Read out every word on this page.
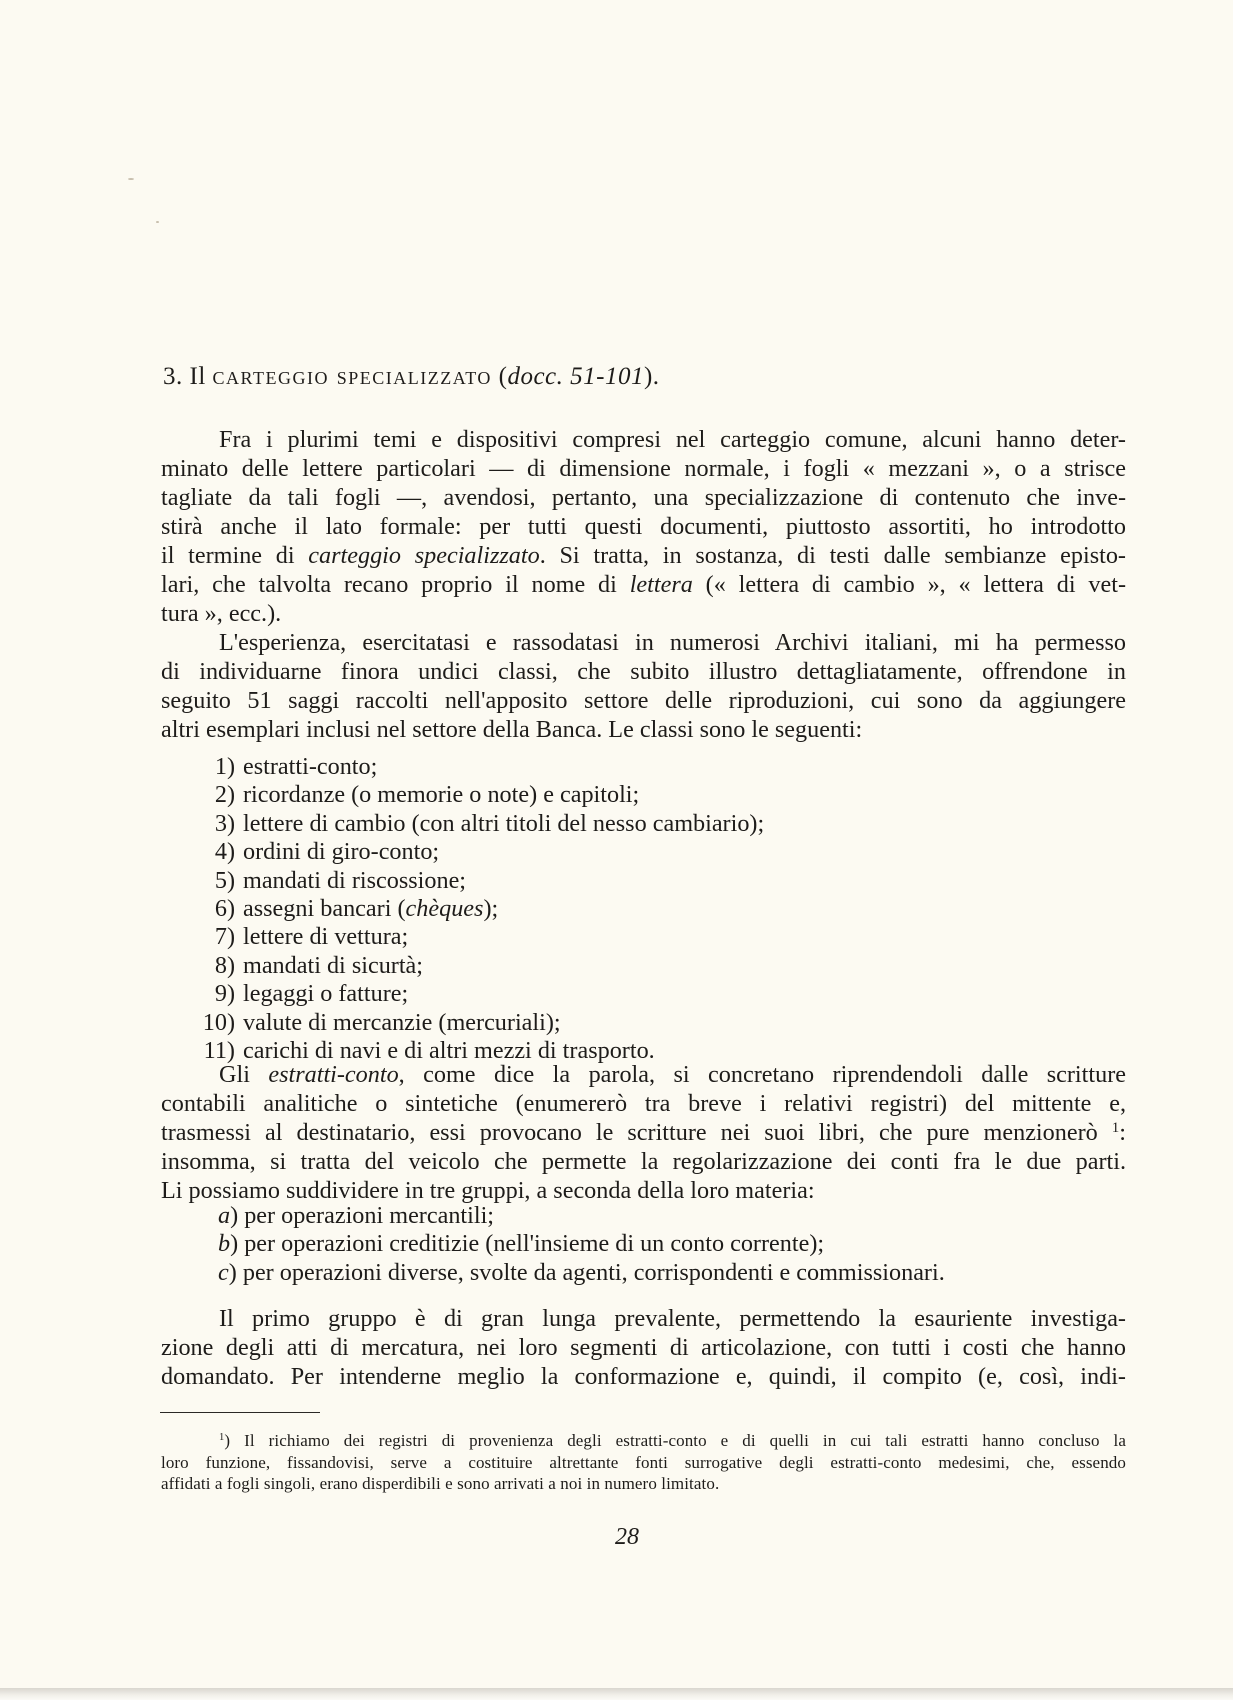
3. Il carteggio specializzato (docc. 51-101).
Fra i plurimi temi e dispositivi compresi nel carteggio comune, alcuni hanno deter-
minato delle lettere particolari — di dimensione normale, i fogli « mezzani », o a strisce
tagliate da tali fogli —, avendosi, pertanto, una specializzazione di contenuto che inve-
stirà anche il lato formale: per tutti questi documenti, piuttosto assortiti, ho introdotto
il termine di carteggio specializzato. Si tratta, in sostanza, di testi dalle sembianze episto-
lari, che talvolta recano proprio il nome di lettera (« lettera di cambio », « lettera di vet-
tura », ecc.).
L'esperienza, esercitatasi e rassodatasi in numerosi Archivi italiani, mi ha permesso
di individuarne finora undici classi, che subito illustro dettagliatamente, offrendone in
seguito 51 saggi raccolti nell'apposito settore delle riproduzioni, cui sono da aggiungere
altri esemplari inclusi nel settore della Banca. Le classi sono le seguenti:
1) estratti-conto;
2) ricordanze (o memorie o note) e capitoli;
3) lettere di cambio (con altri titoli del nesso cambiario);
4) ordini di giro-conto;
5) mandati di riscossione;
6) assegni bancari (chèques);
7) lettere di vettura;
8) mandati di sicurtà;
9) legaggi o fatture;
10) valute di mercanzie (mercuriali);
11) carichi di navi e di altri mezzi di trasporto.
Gli estratti-conto, come dice la parola, si concretano riprendendoli dalle scritture
contabili analitiche o sintetiche (enumererò tra breve i relativi registri) del mittente e,
trasmessi al destinatario, essi provocano le scritture nei suoi libri, che pure menzionerò $^1$:
insomma, si tratta del veicolo che permette la regolarizzazione dei conti fra le due parti.
Li possiamo suddividere in tre gruppi, a seconda della loro materia:
a) per operazioni mercantili;
b) per operazioni creditizie (nell'insieme di un conto corrente);
c) per operazioni diverse, svolte da agenti, corrispondenti e commissionari.
Il primo gruppo è di gran lunga prevalente, permettendo la esauriente investiga-
zione degli atti di mercatura, nei loro segmenti di articolazione, con tutti i costi che hanno
domandato. Per intenderne meglio la conformazione e, quindi, il compito (e, così, indi-
$^1$) Il richiamo dei registri di provenienza degli estratti-conto e di quelli in cui tali estratti hanno concluso la
loro funzione, fissandovisi, serve a costituire altrettante fonti surrogative degli estratti-conto medesimi, che, essendo
affidati a fogli singoli, erano disperdibili e sono arrivati a noi in numero limitato.
28
